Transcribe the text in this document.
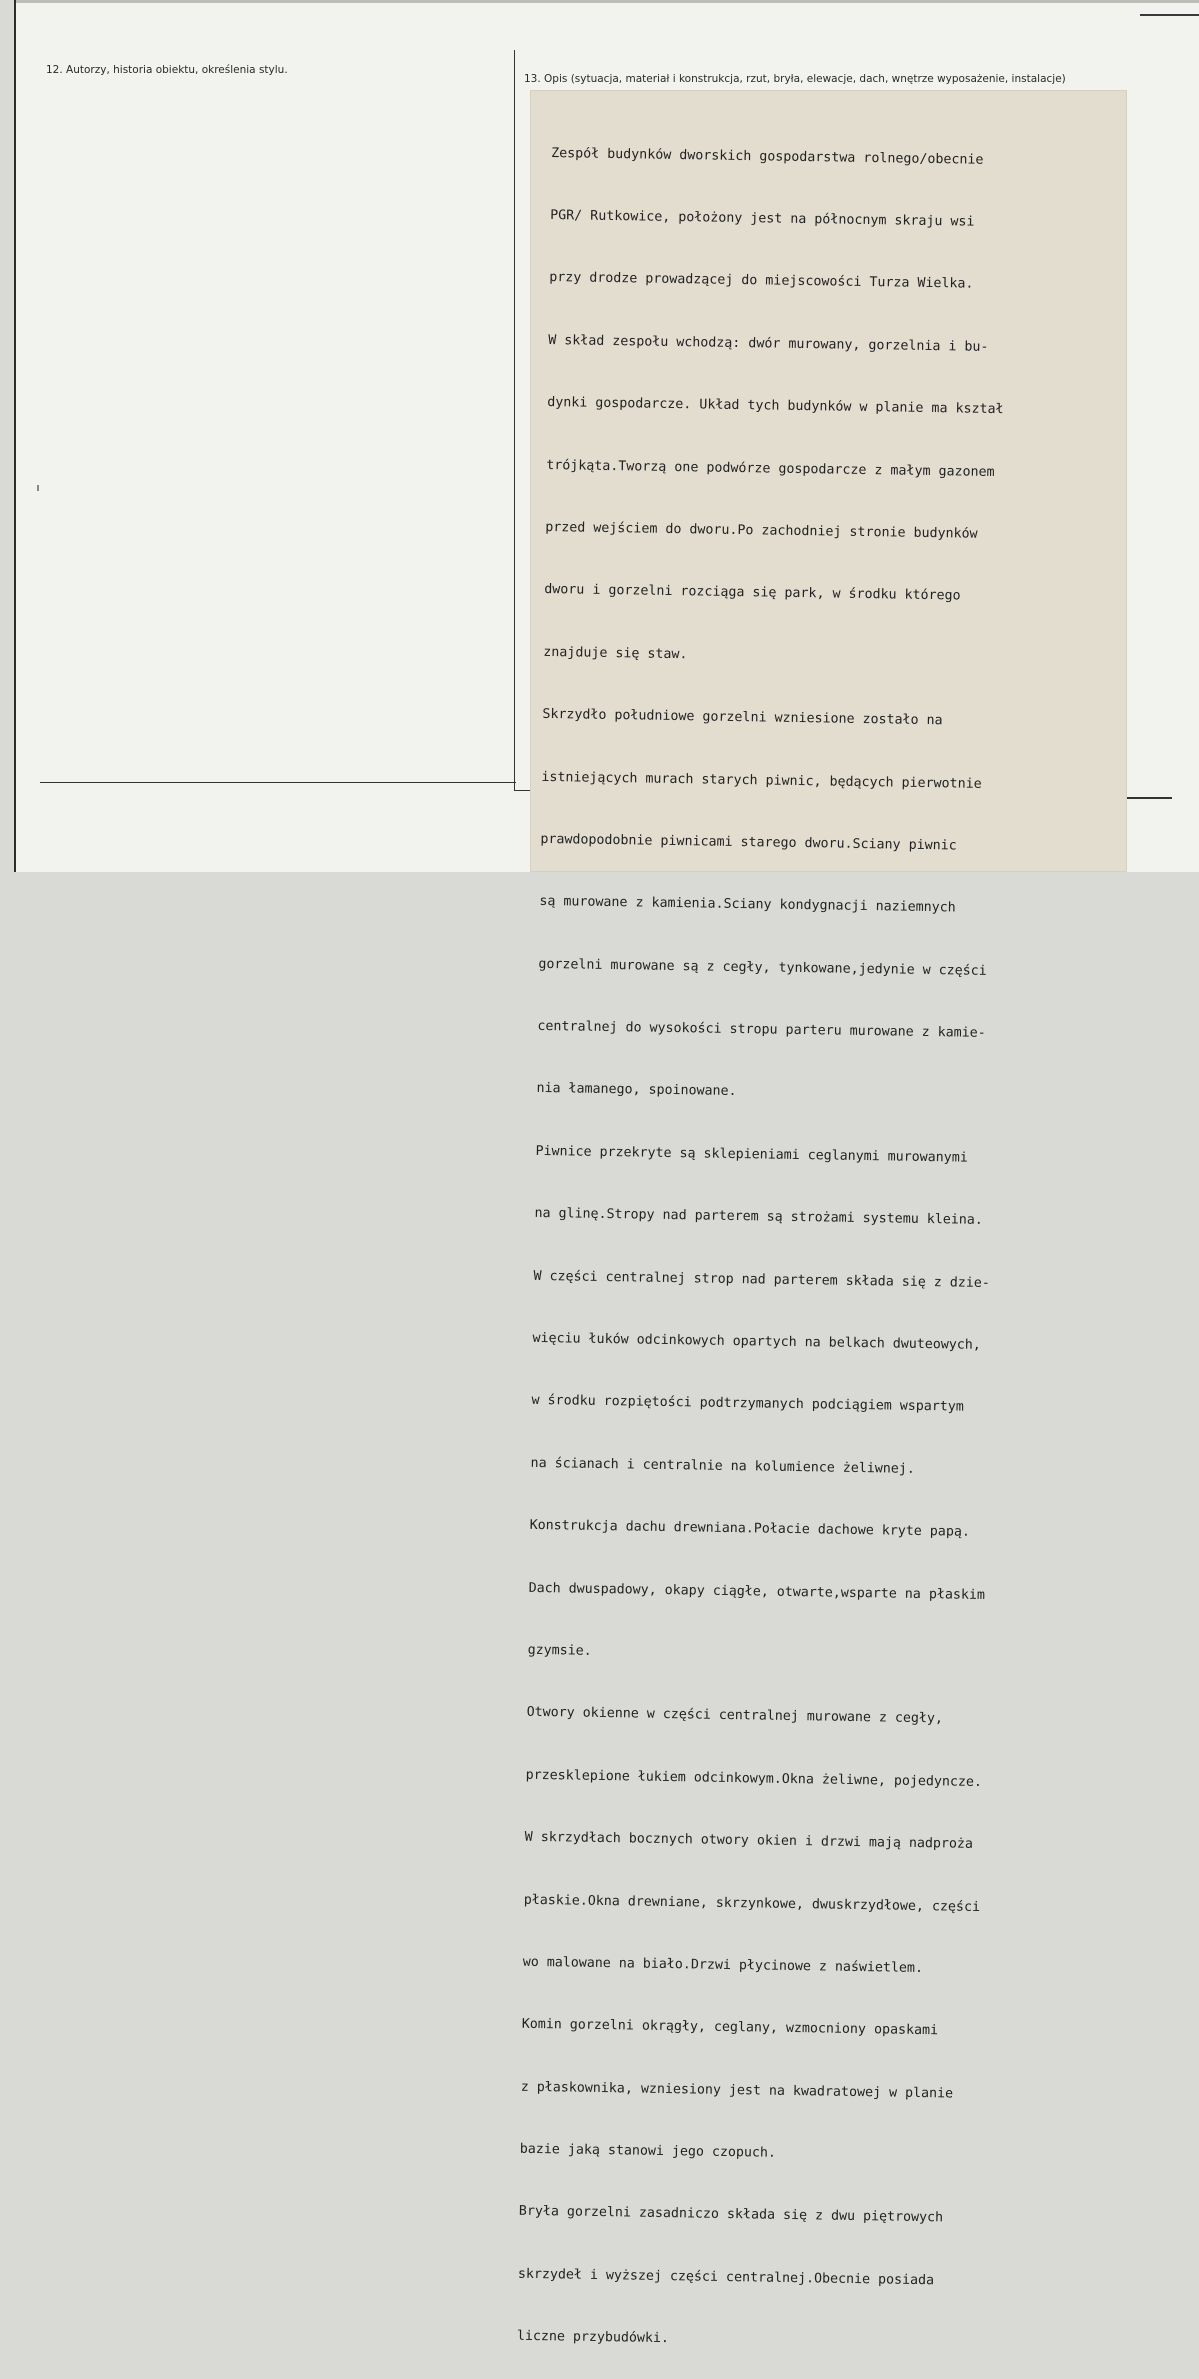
12. Autorzy, historia obiektu, określenia stylu.
13. Opis (sytuacja, materiał i konstrukcja, rzut, bryła, elewacje, dach, wnętrze wyposażenie, instalacje)

Zespół budynków dworskich gospodarstwa rolnego/obecnie

PGR/ Rutkowice, położony jest na północnym skraju wsi

przy drodze prowadzącej do miejscowości Turza Wielka.

W skład zespołu wchodzą: dwór murowany, gorzelnia i bu-

dynki gospodarcze. Układ tych budynków w planie ma kształ

trójkąta.Tworzą one podwórze gospodarcze z małym gazonem

przed wejściem do dworu.Po zachodniej stronie budynków

dworu i gorzelni rozciąga się park, w środku którego

znajduje się staw.

Skrzydło południowe gorzelni wzniesione zostało na

istniejących murach starych piwnic, będących pierwotnie

prawdopodobnie piwnicami starego dworu.Sciany piwnic

są murowane z kamienia.Sciany kondygnacji naziemnych

gorzelni murowane są z cegły, tynkowane,jedynie w części

centralnej do wysokości stropu parteru murowane z kamie-

nia łamanego, spoinowane.

Piwnice przekryte są sklepieniami ceglanymi murowanymi

na glinę.Stropy nad parterem są strożami systemu kleina.

W części centralnej strop nad parterem składa się z dzie-

więciu łuków odcinkowych opartych na belkach dwuteowych,

w środku rozpiętości podtrzymanych podciągiem wspartym

na ścianach i centralnie na kolumience żeliwnej.

Konstrukcja dachu drewniana.Połacie dachowe kryte papą.

Dach dwuspadowy, okapy ciągłe, otwarte,wsparte na płaskim

gzymsie.

Otwory okienne w części centralnej murowane z cegły,

przesklepione łukiem odcinkowym.Okna żeliwne, pojedyncze.

W skrzydłach bocznych otwory okien i drzwi mają nadproża

płaskie.Okna drewniane, skrzynkowe, dwuskrzydłowe, części

wo malowane na biało.Drzwi płycinowe z naświetlem.

Komin gorzelni okrągły, ceglany, wzmocniony opaskami

z płaskownika, wzniesiony jest na kwadratowej w planie

bazie jaką stanowi jego czopuch.

Bryła gorzelni zasadniczo składa się z dwu piętrowych

skrzydeł i wyższej części centralnej.Obecnie posiada

liczne przybudówki.
